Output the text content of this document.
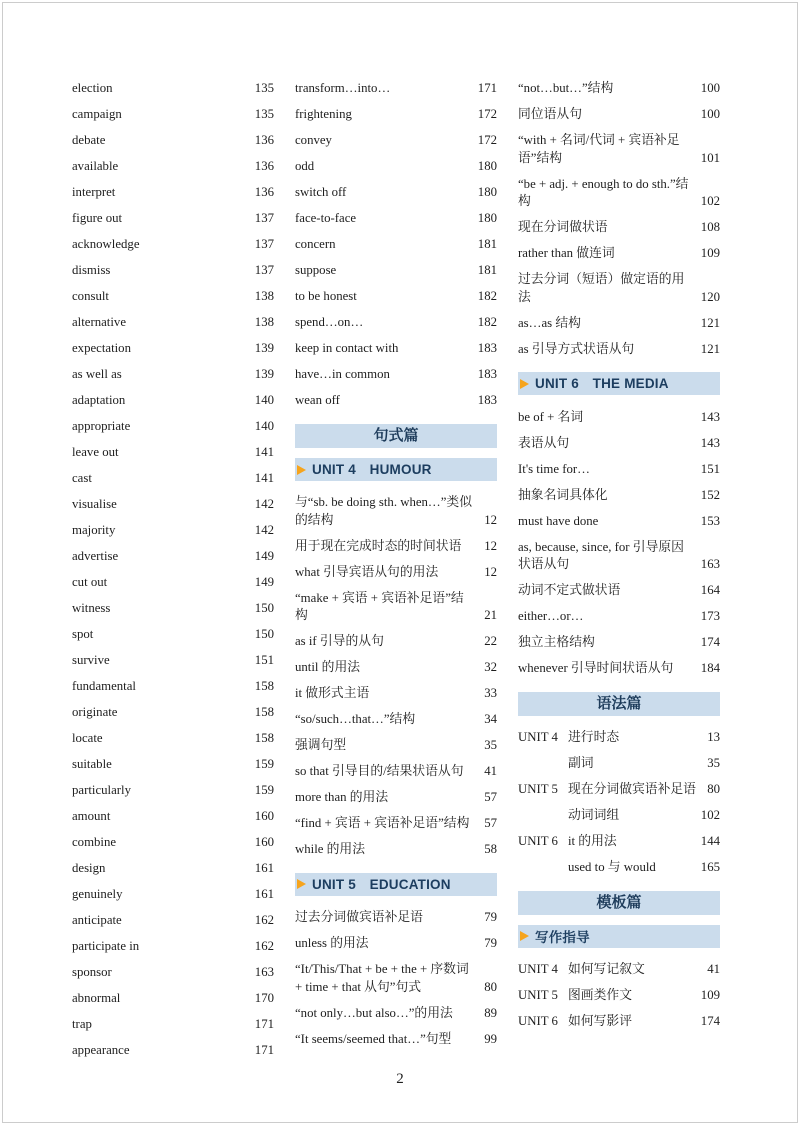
election	135
campaign	135
debate	136
available	136
interpret	136
figure out	137
acknowledge	137
dismiss	137
consult	138
alternative	138
expectation	139
as well as	139
adaptation	140
appropriate	140
leave out	141
cast	141
visualise	142
majority	142
advertise	149
cut out	149
witness	150
spot	150
survive	151
fundamental	158
originate	158
locate	158
suitable	159
particularly	159
amount	160
combine	160
design	161
genuinely	161
anticipate	162
participate in	162
sponsor	163
abnormal	170
trap	171
appearance	171
transform…into…	171
frightening	172
convey	172
odd	180
switch off	180
face-to-face	180
concern	181
suppose	181
to be honest	182
spend…on…	182
keep in contact with	183
have…in common	183
wean off	183
句式篇
UNIT 4 HUMOUR
与“sb. be doing sth. when…”类似的结构	12
用于现在完成时态的时间状语	12
what 引导宾语从句的用法	12
“make + 宾语 + 宾语补足语”结构	21
as if 引导的从句	22
until 的用法	32
it 做形式主语	33
“so/such…that…”结构	34
强调句型	35
so that 引导目的/结果状语从句	41
more than 的用法	57
“find + 宾语 + 宾语补足语”结构	57
while 的用法	58
UNIT 5 EDUCATION
过去分词做宾语补足语	79
unless 的用法	79
“It/This/That + be + the + 序数词 + time + that 从句”句式	80
“not only…but also…”的用法	89
“It seems/seemed that…”句型	99
“not…but…”结构	100
同位语从句	100
“with + 名词/代词 + 宾语补足语”结构	101
“be + adj. + enough to do sth.”结构	102
现在分词做状语	108
rather than 做连词	109
过去分词（短语）做定语的用法	120
as…as 结构	121
as 引导方式状语从句	121
UNIT 6 THE MEDIA
be of + 名词	143
表语从句	143
It's time for…	151
抽象名词具体化	152
must have done	153
as, because, since, for 引导原因状语从句	163
动词不定式做状语	164
either…or…	173
独立主格结构	174
whenever 引导时间状语从句	184
语法篇
UNIT 4 进行时态	13
副词	35
UNIT 5 现在分词做宾语补足语 80
动词词组	102
UNIT 6 it 的用法	144
used to 与 would	165
模板篇
写作指导
UNIT 4 如何写记叙文	41
UNIT 5 图画类作文	109
UNIT 6 如何写影评	174
2
